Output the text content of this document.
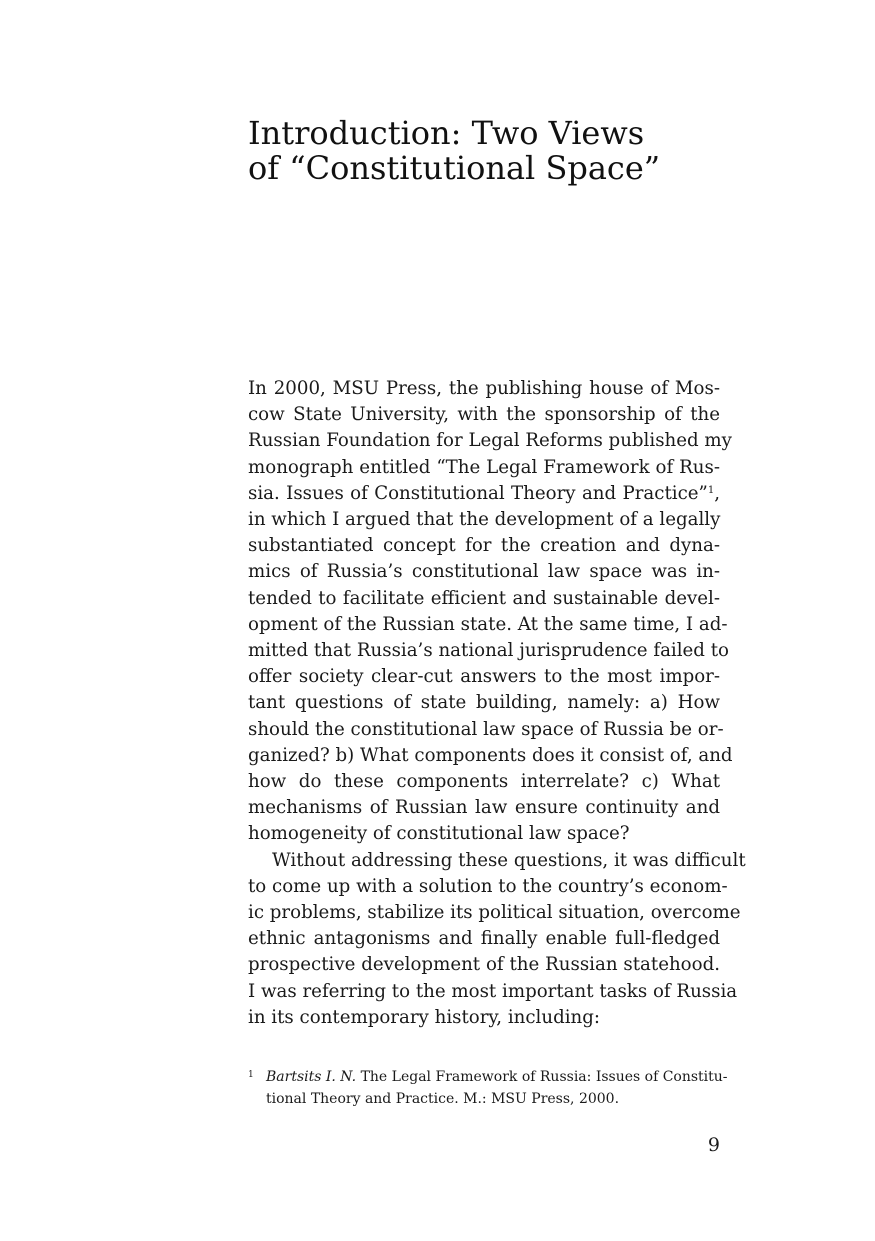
Introduction: Two Views
of “Constitutional Space”
In 2000, MSU Press, the publishing house of Mos-
cow State University, with the sponsorship of the
Russian Foundation for Legal Reforms published my
monograph entitled “The Legal Framework of Rus-
sia. Issues of Constitutional Theory and Practice”$^1$,
in which I argued that the development of a legally
substantiated concept for the creation and dyna-
mics of Russia’s constitutional law space was in-
tended to facilitate efficient and sustainable devel-
opment of the Russian state. At the same time, I ad-
mitted that Russia’s national jurisprudence failed to
offer society clear-cut answers to the most impor-
tant questions of state building, namely: a) How
should the constitutional law space of Russia be or-
ganized? b) What components does it consist of, and
how do these components interrelate? c) What
mechanisms of Russian law ensure continuity and
homogeneity of constitutional law space?
Without addressing these questions, it was difficult
to come up with a solution to the country’s econom-
ic problems, stabilize its political situation, overcome
ethnic antagonisms and finally enable full-fledged
prospective development of the Russian statehood.
I was referring to the most important tasks of Russia
in its contemporary history, including:
1 Bartsits I. N. The Legal Framework of Russia: Issues of Constitu-
tional Theory and Practice. M.: MSU Press, 2000.
9
